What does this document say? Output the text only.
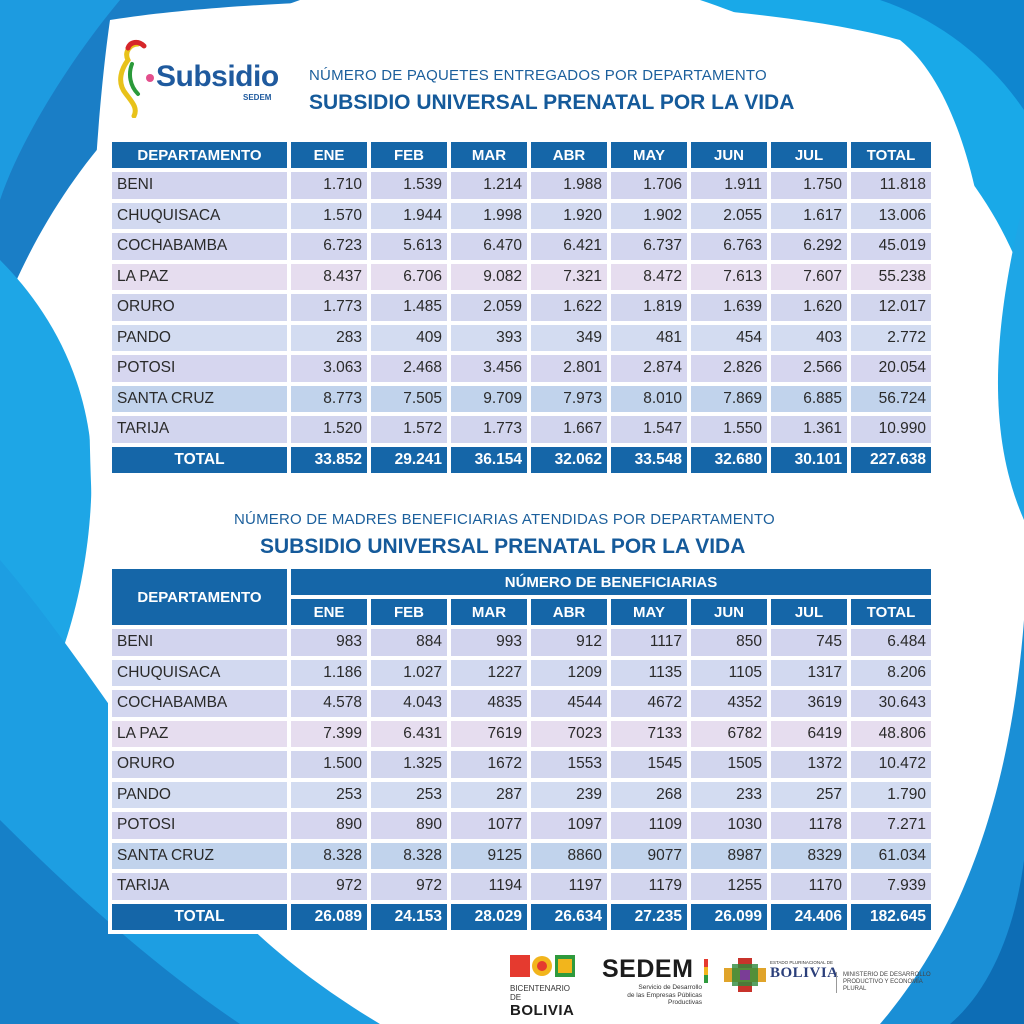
Subsidio
SEDEM
NÚMERO DE PAQUETES ENTREGADOS POR DEPARTAMENTO
SUBSIDIO UNIVERSAL PRENATAL POR LA VIDA
DEPARTAMENTO	ENE	FEB	MAR	ABR	MAY	JUN	JUL	TOTAL
BENI	1.710	1.539	1.214	1.988	1.706	1.911	1.750	11.818
CHUQUISACA	1.570	1.944	1.998	1.920	1.902	2.055	1.617	13.006
COCHABAMBA	6.723	5.613	6.470	6.421	6.737	6.763	6.292	45.019
LA PAZ	8.437	6.706	9.082	7.321	8.472	7.613	7.607	55.238
ORURO	1.773	1.485	2.059	1.622	1.819	1.639	1.620	12.017
PANDO	283	409	393	349	481	454	403	2.772
POTOSI	3.063	2.468	3.456	2.801	2.874	2.826	2.566	20.054
SANTA CRUZ	8.773	7.505	9.709	7.973	8.010	7.869	6.885	56.724
TARIJA	1.520	1.572	1.773	1.667	1.547	1.550	1.361	10.990
TOTAL	33.852	29.241	36.154	32.062	33.548	32.680	30.101	227.638
NÚMERO DE MADRES BENEFICIARIAS ATENDIDAS POR DEPARTAMENTO
SUBSIDIO UNIVERSAL PRENATAL POR LA VIDA
DEPARTAMENTO	NÚMERO DE BENEFICIARIAS							
	ENE	FEB	MAR	ABR	MAY	JUN	JUL	TOTAL
BENI	983	884	993	912	1117	850	745	6.484
CHUQUISACA	1.186	1.027	1227	1209	1135	1105	1317	8.206
COCHABAMBA	4.578	4.043	4835	4544	4672	4352	3619	30.643
LA PAZ	7.399	6.431	7619	7023	7133	6782	6419	48.806
ORURO	1.500	1.325	1672	1553	1545	1505	1372	10.472
PANDO	253	253	287	239	268	233	257	1.790
POTOSI	890	890	1077	1097	1109	1030	1178	7.271
SANTA CRUZ	8.328	8.328	9125	8860	9077	8987	8329	61.034
TARIJA	972	972	1194	1197	1179	1255	1170	7.939
TOTAL	26.089	24.153	28.029	26.634	27.235	26.099	24.406	182.645
BICENTENARIO DE
BOLIVIA
SEDEM
Servicio de Desarrollo
de las Empresas Públicas
Productivas
ESTADO PLURINACIONAL DE
BOLIVIA MINISTERIO DE DESARROLLO
PRODUCTIVO Y ECONOMÍA PLURAL
